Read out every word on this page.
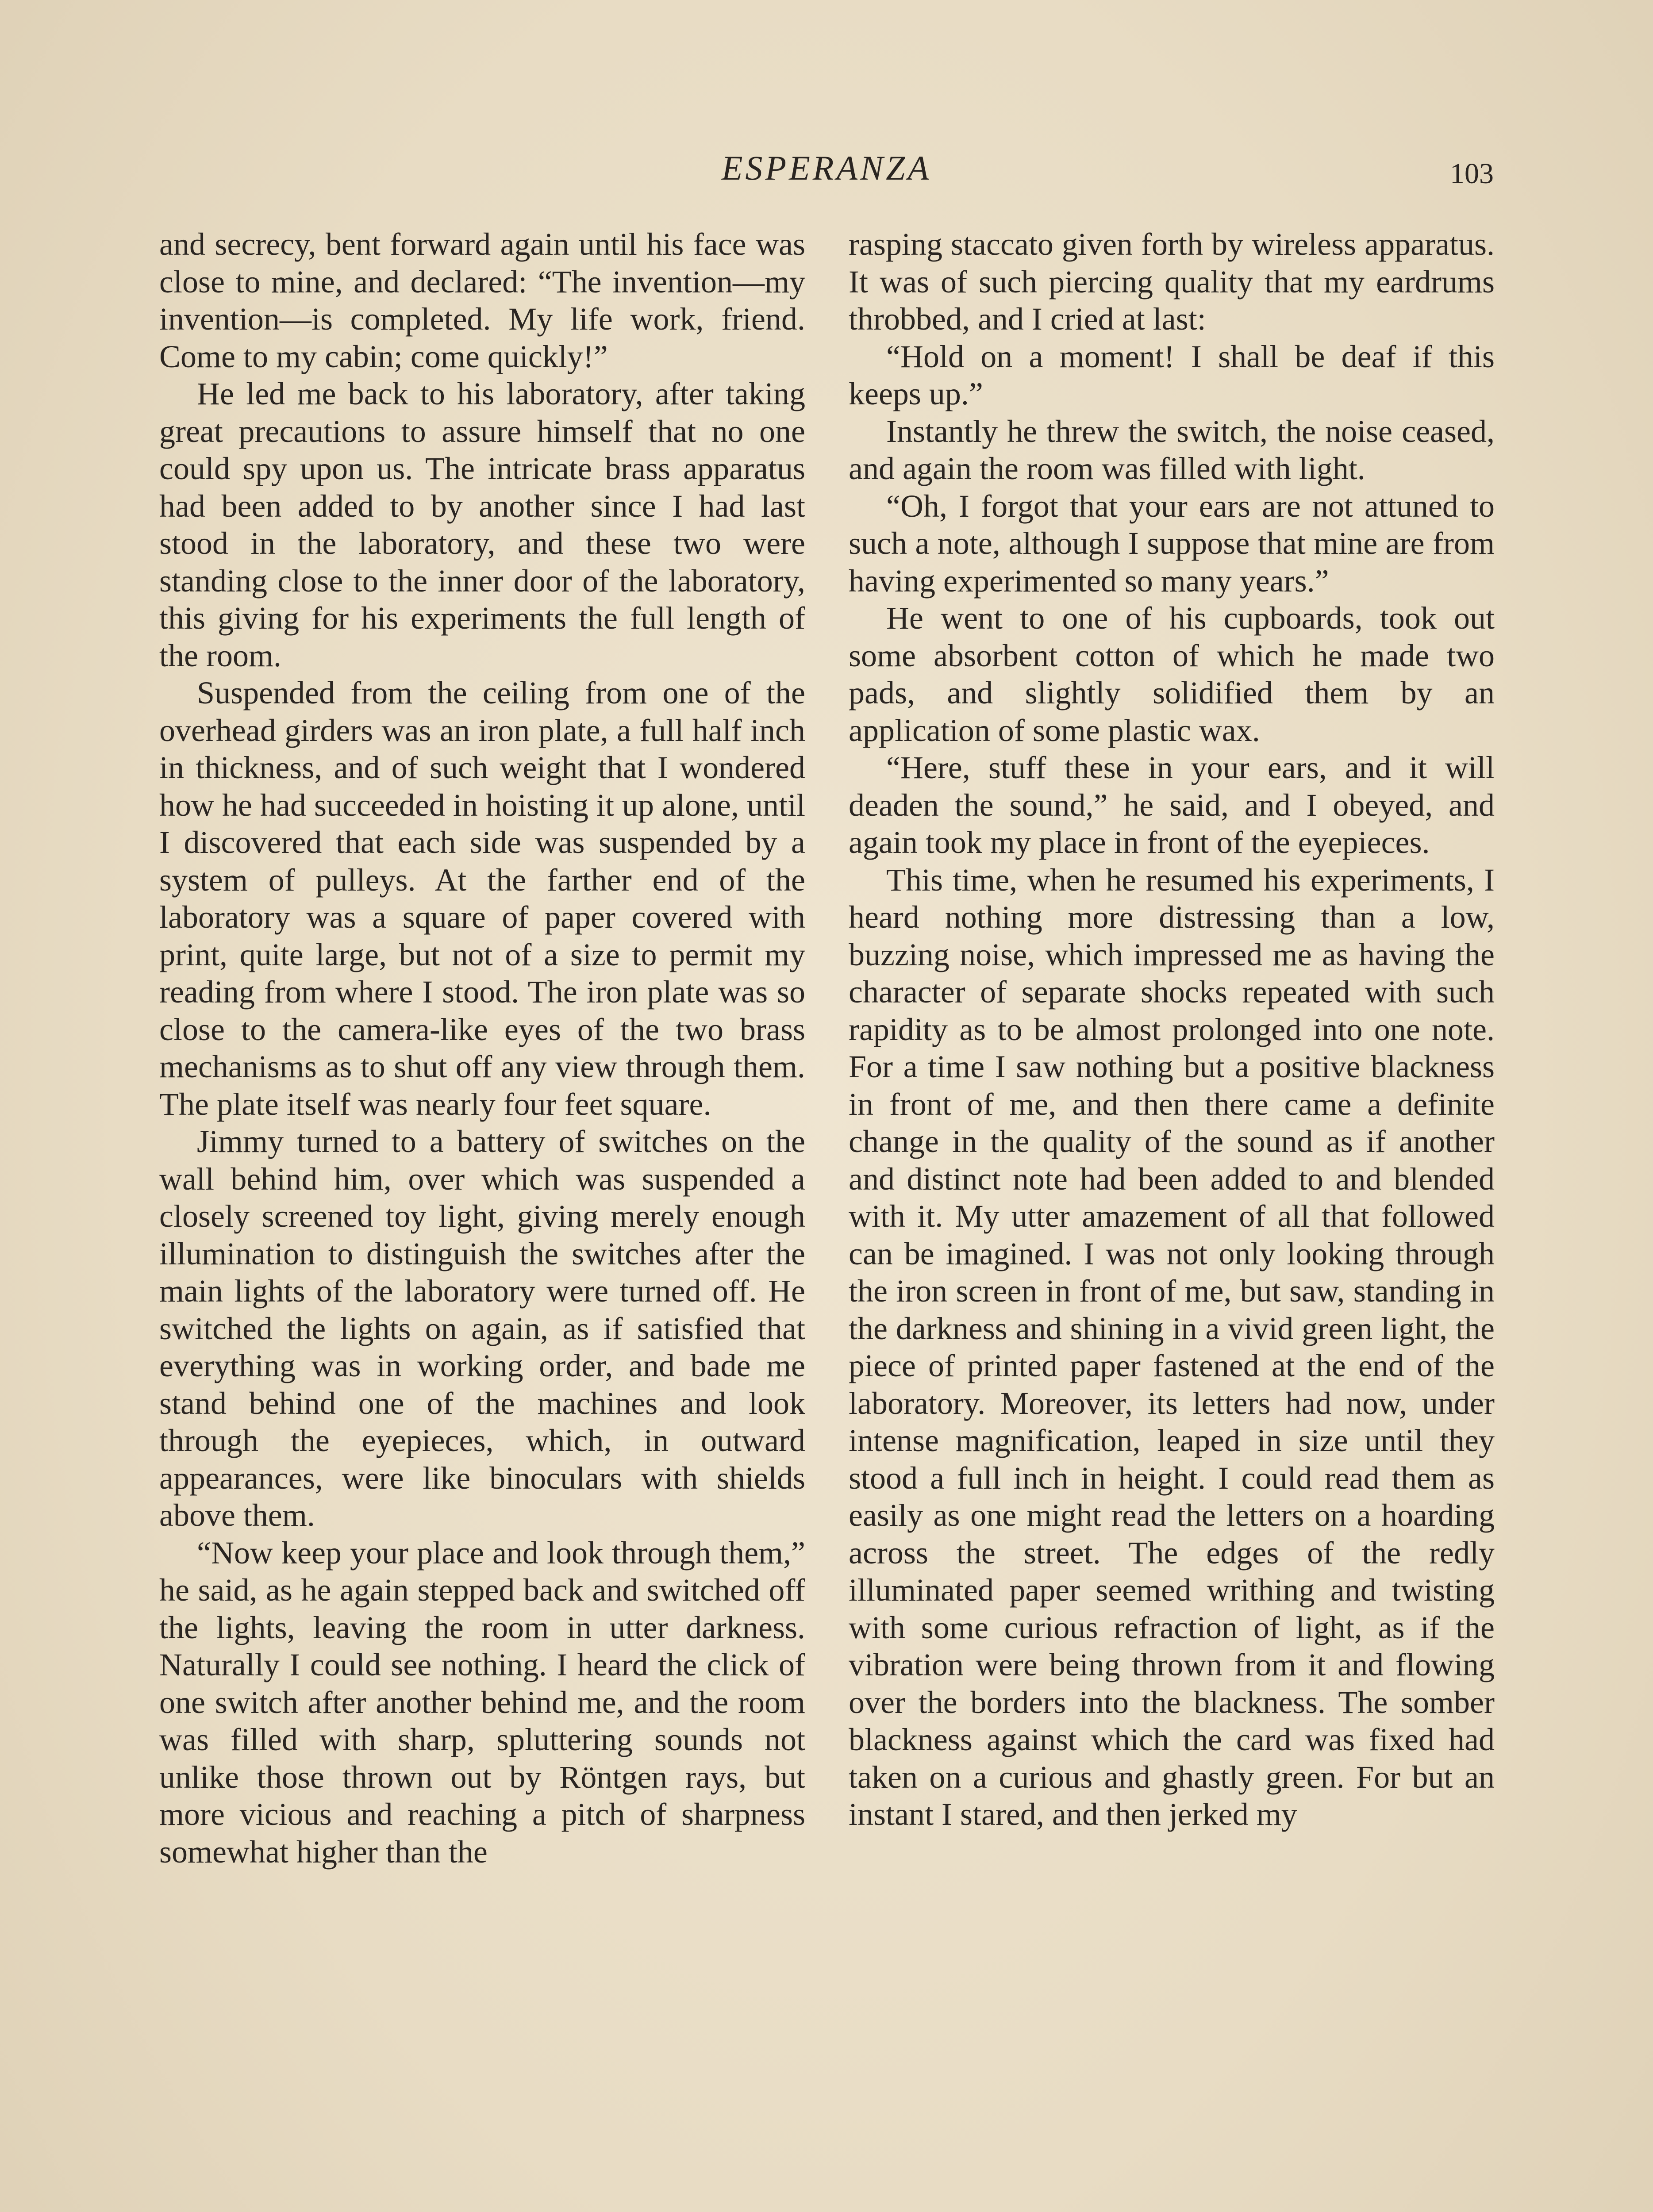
ESPERANZA	103

and secrecy, bent forward again until his face was close to mine, and declared: “The invention—my invention—is completed. My life work, friend. Come to my cabin; come quickly!”

He led me back to his laboratory, after taking great precautions to assure himself that no one could spy upon us. The intricate brass apparatus had been added to by another since I had last stood in the laboratory, and these two were standing close to the inner door of the laboratory, this giving for his experiments the full length of the room.

Suspended from the ceiling from one of the overhead girders was an iron plate, a full half inch in thickness, and of such weight that I wondered how he had succeeded in hoisting it up alone, until I discovered that each side was suspended by a system of pulleys. At the farther end of the laboratory was a square of paper covered with print, quite large, but not of a size to permit my reading from where I stood. The iron plate was so close to the camera-like eyes of the two brass mechanisms as to shut off any view through them. The plate itself was nearly four feet square.

Jimmy turned to a battery of switches on the wall behind him, over which was suspended a closely screened toy light, giving merely enough illumination to distinguish the switches after the main lights of the laboratory were turned off. He switched the lights on again, as if satisfied that everything was in working order, and bade me stand behind one of the machines and look through the eyepieces, which, in outward appearances, were like binoculars with shields above them.

“Now keep your place and look through them,” he said, as he again stepped back and switched off the lights, leaving the room in utter darkness. Naturally I could see nothing. I heard the click of one switch after another behind me, and the room was filled with sharp, spluttering sounds not unlike those thrown out by Röntgen rays, but more vicious and reaching a pitch of sharpness somewhat higher than the

rasping staccato given forth by wireless apparatus. It was of such piercing quality that my eardrums throbbed, and I cried at last:

“Hold on a moment! I shall be deaf if this keeps up.”

Instantly he threw the switch, the noise ceased, and again the room was filled with light.

“Oh, I forgot that your ears are not attuned to such a note, although I suppose that mine are from having experimented so many years.”

He went to one of his cupboards, took out some absorbent cotton of which he made two pads, and slightly solidified them by an application of some plastic wax.

“Here, stuff these in your ears, and it will deaden the sound,” he said, and I obeyed, and again took my place in front of the eyepieces.

This time, when he resumed his experiments, I heard nothing more distressing than a low, buzzing noise, which impressed me as having the character of separate shocks repeated with such rapidity as to be almost prolonged into one note. For a time I saw nothing but a positive blackness in front of me, and then there came a definite change in the quality of the sound as if another and distinct note had been added to and blended with it. My utter amazement of all that followed can be imagined. I was not only looking through the iron screen in front of me, but saw, standing in the darkness and shining in a vivid green light, the piece of printed paper fastened at the end of the laboratory. Moreover, its letters had now, under intense magnification, leaped in size until they stood a full inch in height. I could read them as easily as one might read the letters on a hoarding across the street. The edges of the redly illuminated paper seemed writhing and twisting with some curious refraction of light, as if the vibration were being thrown from it and flowing over the borders into the blackness. The somber blackness against which the card was fixed had taken on a curious and ghastly green. For but an instant I stared, and then jerked my
